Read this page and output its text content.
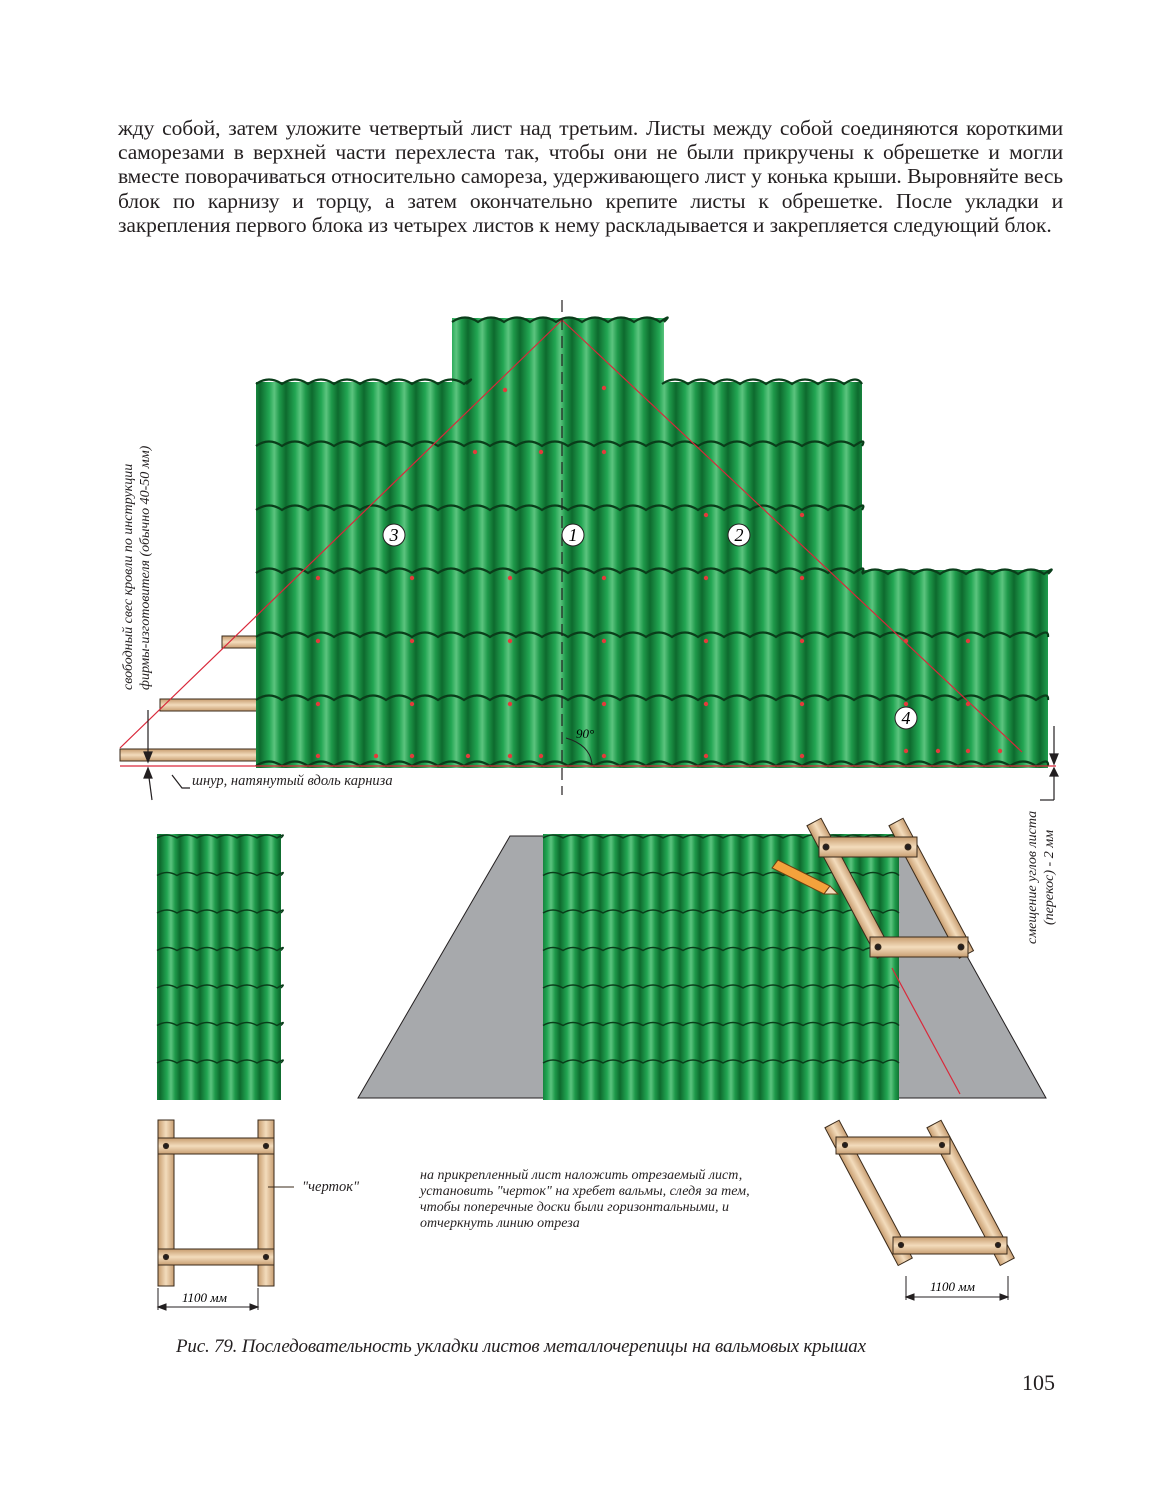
жду собой, затем уложите четвертый лист над третьим. Листы между собой соединяются короткими саморезами в верхней части перехлеста так, чтобы они не были прикручены к обрешетке и могли вместе поворачиваться относительно самореза, удерживающего лист у конька крыши. Выровняйте весь блок по карнизу и торцу, а затем окончательно крепите листы к обрешетке. После укладки и закрепления первого блока из четырех листов к нему раскладывается и закрепляется следующий блок.

3	1	2
4
90°
1100 мм
1100 мм
свободный свес кровли по инструкции фирмы-изготовителя (обычно 40-50 мм)
шнур, натянутый вдоль карниза
смещение углов листа (перекос) - 2 мм
"черток"
на прикрепленный лист наложить отрезаемый лист,
установить "черток" на хребет вальмы, следя за тем,
чтобы поперечные доски были горизонтальными, и
отчеркнуть линию отреза
Рис. 79. Последовательность укладки листов металлочерепицы на вальмовых крышах
105
